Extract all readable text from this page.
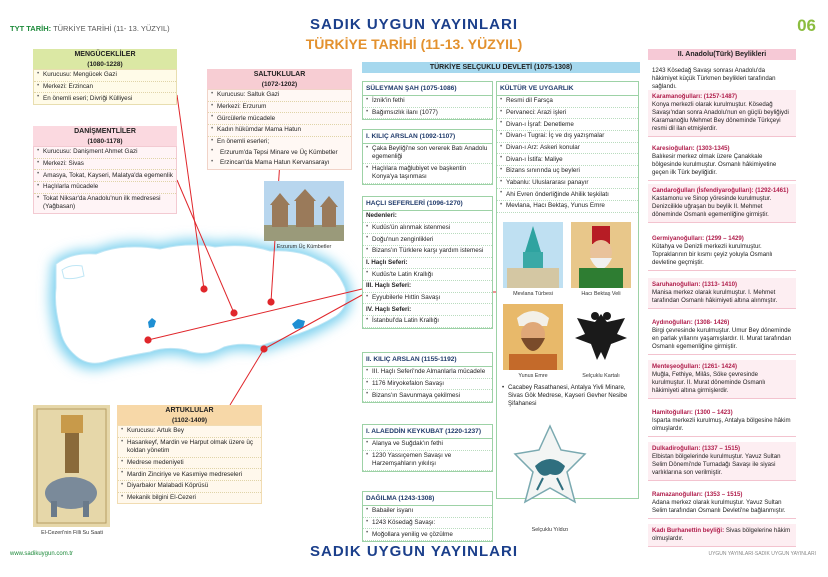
TYT TARİH: TÜRKİYE TARİHİ (11- 13. YÜZYIL)	SADIK UYGUN YAYINLARI
TÜRKİYE TARİHİ (11-13. YÜZYIL)
06
MENGÜCEKLİLER
(1080-1228)
• Kurucusu: Mengücek Gazi
• Merkezi: Erzincan
• En önemli eseri; Divriği Külliyesi
DANİŞMENTLİLER
(1080-1178)
• Kurucusu: Danişment Ahmet Gazi
• Merkezi: Sivas
• Amasya, Tokat, Kayseri, Malatya'da egemenlik
• Haçlılarla mücadele
• Tokat Niksar'da Anadolu'nun ilk medresesi (Yağbasan)
SALTUKLULAR
(1072-1202)
• Kurucusu: Saltuk Gazi
• Merkezi: Erzurum
• Gürcülerle mücadele
• Kadın hükümdar Mama Hatun
• En önemli eserleri;
• Erzurum'da Tepsi Minare ve Üç Kümbetler
• Erzincan'da Mama Hatun Kervansarayı
Erzurum Üç Kümbetler
ARTUKLULAR
(1102-1409)
• Kurucusu: Artuk Bey
• Hasankeyf, Mardin ve Harput olmak üzere üç koldan yönetim
• Medrese medeniyeti
• Mardin Zinciriye ve Kasımiye medreseleri
• Diyarbakır Malabadi Köprüsü
• Mekanik bilgini El-Cezeri
El-Cezeri'nin Filli Su Saati
TÜRKİYE SELÇUKLU DEVLETİ (1075-1308)
SÜLEYMAN ŞAH (1075-1086)
• İznik'in fethi
• Bağımsızlık ilanı (1077)
I. KILIÇ ARSLAN (1092-1107)
• Çaka Beyliği'ne son vererek Batı Anadolu egemenliği
• Haçlılara mağlubiyet ve başkentin Konya'ya taşınması
HAÇLI SEFERLERİ (1096-1270)
Nedenleri:
• Kudüs'ün alınmak istenmesi
• Doğu'nun zenginlikleri
• Bizans'ın Türklere karşı yardım istemesi
I. Haçlı Seferi:
• Kudüs'te Latin Krallığı
III. Haçlı Seferi:
• Eyyubilerle Hıttin Savaşı
IV. Haçlı Seferi:
• İstanbul'da Latin Krallığı
II. KILIÇ ARSLAN (1155-1192)
• III. Haçlı Seferi'nde Almanlarla mücadele
• 1176 Miryokefalon Savaşı
• Bizans'ın Savunmaya çekilmesi
I. ALAEDDİN KEYKUBAT (1220-1237)
• Alanya ve Suğdak'ın fethi
• 1230 Yassıçemen Savaşı ve Harzemşahların yıkılışı
DAĞILMA (1243-1308)
• Babailer isyanı
• 1243 Kösedağ Savaşı:
• Moğollara yenilig ve çözülme
KÜLTÜR VE UYGARLIK
• Resmi dil Farsça
• Pervaneci: Arazi işleri
• Divan-ı İşraf: Denetleme
• Divan-ı Tugrai: İç ve dış yazışmalar
• Divan-ı Arz: Askeri konular
• Divan-ı İstifa: Maliye
• Bizans sınırında uç beyleri
• Yabanlu: Uluslararası panayır
• Ahi Evren önderliğinde Ahilik teşkilatı
• Mevlana, Hacı Bektaş, Yunus Emre
Mevlana Türbesi	Hacı Bektaş Veli
Yunus Emre	Selçuklu Kartalı
• Cacabey Rasathanesi, Antalya Yivli Minare, Sivas Gök Medrese, Kayseri Gevher Nesibe Şifahanesi
Selçuklu Yıldızı
II. Anadolu(Türk) Beylikleri
1243 Kösedağ Savaşı sonrası Anadolu'da hâkimiyet küçük Türkmen beylikleri tarafından sağlandı.
Karamanoğulları: (1257-1487)
Konya merkezli olarak kurulmuştur. Kösedağ Savaşı'ndan sonra Anadolu'nun en güçlü beyliğiydi Karamanoğlu Mehmet Bey döneminde Türkçeyi resmi dil ilan etmişlerdir.
Karesioğulları: (1303-1345)
Balıkesir merkez olmak üzere Çanakkale bölgesinde kurulmuştur. Osmanlı hâkimiyetine geçen ilk Türk beyliğidir.
Candaroğulları (İsfendiyaroğulları): (1292-1461)
Kastamonu ve Sinop yöresinde kurulmuştur. Denizcilikle uğraşan bu beylik II. Mehmet döneminde Osmanlı egemenliğine girmiştir.
Germiyanoğulları: (1299 – 1429)
Kütahya ve Denizli merkezli kurulmuştur. Topraklarının bir kısmı çeyiz yoluyla Osmanlı devletine geçmiştir.
Saruhanoğulları: (1313- 1410)
Manisa merkez olarak kurulmuştur. I. Mehmet tarafından Osmanlı hâkimiyeti altına alınmıştır.
Aydınoğulları: (1308- 1426)
Birgi çevresinde kurulmuştur. Umur Bey döneminde en parlak yıllarını yaşamışlardır. II. Murat tarafından Osmanlı egemenliğine girmiştir.
Menteşeoğulları: (1261- 1424)
Muğla, Fethiye, Milâs, Söke çevresinde kurulmuştur. II. Murat döneminde Osmanlı hâkimiyeti altına girmişlerdir.
Hamitoğulları: (1300 – 1423)
Isparta merkezli kurulmuş, Antalya bölgesine hâkim olmuşlardır.
Dulkadiroğulları: (1337 – 1515)
Elbistan bölgelerinde kurulmuştur. Yavuz Sultan Selim Dönemi'nde Turnadağı Savaşı ile siyasi varlıklarına son verilmiştir.
Ramazanoğulları: (1353 – 1515)
Adana merkez olarak kurulmuştur. Yavuz Sultan Selim tarafından Osmanlı Devleti'ne bağlanmıştır.
Kadı Burhanettin beyliği: Sivas bölgelerine hâkim olmuşlardır.
SADIK UYGUN YAYINLARI
www.sadikuygun.com.tr	UYGUN YAYINLARI·SADIK UYGUN YAYINLARI
